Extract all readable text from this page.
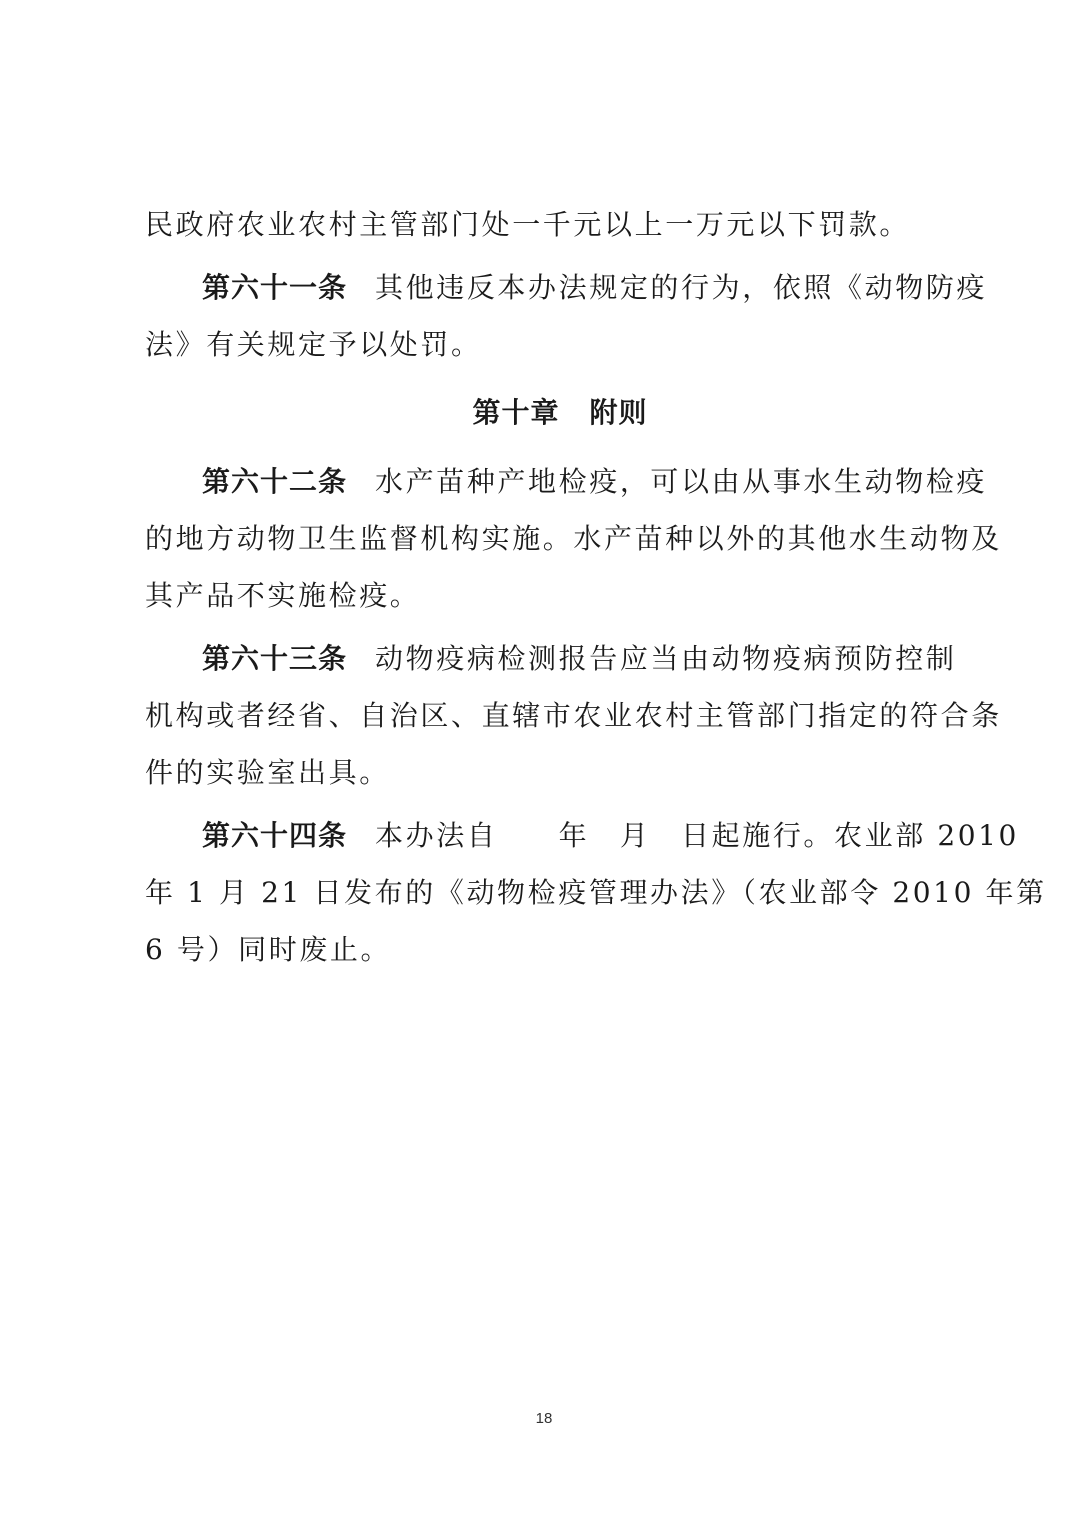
民政府农业农村主管部门处一千元以上一万元以下罚款。
第六十一条 其他违反本办法规定的行为，依照《动物防疫
法》有关规定予以处罚。
第十章 附则
第六十二条 水产苗种产地检疫，可以由从事水生动物检疫
的地方动物卫生监督机构实施。水产苗种以外的其他水生动物及
其产品不实施检疫。
第六十三条 动物疫病检测报告应当由动物疫病预防控制
机构或者经省、自治区、直辖市农业农村主管部门指定的符合条
件的实验室出具。
第六十四条 本办法自　　年　月　日起施行。农业部 2010
年 1 月 21 日发布的《动物检疫管理办法》（农业部令 2010 年第
6 号）同时废止。
18
